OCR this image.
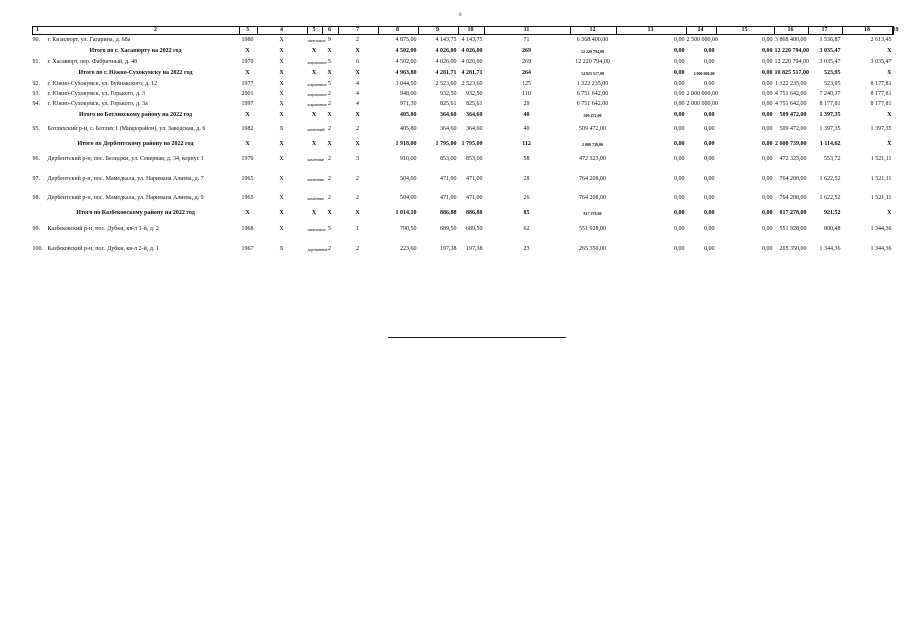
8
1 2	3	4	5	6	7	8	9	10	11	12	13	14	15	16	17	18	19
90. г. Кизилюрт, ул. Гагарина, д. 68а	1980	X	панельные	9	2	4 875,00	4 143,75	4 143,75	71	6 368 400,00	0,00	2 500 000,00	0,00	3 868 400,00	1 536,87	2 613,45	
Итого по г. Хасавюрту на 2022 год	X	X	X	X	X	4 502,00	4 026,00	4 026,00	269	12 220 794,00	0,00	0,00	0,00	12 220 794,00	3 035,47	X	
91. г. Хасавюрт, пер. Фабричный, д. 48	1970	X	кирпичные	5	6	4 502,00	4 026,00	4 026,00	269	12 220 794,00	0,00	0,00	0,00	12 220 794,00	3 035,47	3 035,47	
Итого по г. Южно-Сухокумску на 2022 год	X	X	X	X	X	4 963,80	4 281,71	4 281,71	264	14 825 517,00	0,00	4 000 000,00	0,00	10 825 517,00	523,95	X	
92. г. Южно-Сухокумск, ул. Буйнакского, д. 12	1977	X	кирпичные	5	4	3 044,50	2 523,60	2 523,60	125	1 322 235,00	0,00	0,00	0,00	1 322 235,00	523,95	8 177,81	
93. г. Южно-Сухокумск, ул. Горького, д. 3	2001	X	кирпичные	2	4	948,00	932,50	932,50	110	6 751 642,00	0,00	2 000 000,00	0,00	4 751 642,00	7 240,37	8 177,81	
94. г. Южно-Сухокумск, ул. Горького, д. 3а	1997	X	кирпичные	2	4	971,30	825,61	825,61	29	6 751 642,00	0,00	2 000 000,00	0,00	4 751 642,00	8 177,81	8 177,81	
Итого по Ботлихскому району на 2022 год	X	X	X	X	X	405,80	364,60	364,60	40	509 472,00	0,00	0,00	0,00	509 472,00	1 397,35	X	
95. Ботлихский р-н, с. Ботлих 1 (Микрорайон), ул. Заводская, д. 6	1982	X	каменный	2	2	405,80	364,60	364,60	40	509 472,00	0,00	0,00	0,00	509 472,00	1 397,35	1 397,35	
Итого по Дербентскому району на 2022 год	X	X	X	X	X	1 918,00	1 795,00	1 795,00	112	2 000 739,00	0,00	0,00	0,00	2 000 739,00	1 114,62	X	
96. Дербентский р-н, пос. Белиджи, ул. Северная, д. 34, корпус 1	1979	X	каменные	2	3	910,00	853,00	853,00	58	472 323,00	0,00	0,00	0,00	472 323,00	553,72	1 521,11	
97. Дербентский р-н, пос. Мамедкала, ул. Наримана Алиева, д. 7	1965	X	каменные	2	2	504,00	471,00	471,00	28	764 208,00	0,00	0,00	0,00	764 208,00	1 622,52	1 521,11	
98. Дербентский р-н, пос. Мамедкала, ул. Наримана Алиева, д. 9	1965	X	каменные	2	2	504,00	471,00	471,00	26	764 208,00	0,00	0,00	0,00	764 208,00	1 622,52	1 521,11	
Итого по Казбековскому району на 2022 год	X	X	X	X	X	1 014,10	886,88	886,88	85	817 278,00	0,00	0,00	0,00	817 278,00	921,52	X	
99. Казбековский р-н, пос. Дубки, кв-л 1-й, д. 2	1968	X	панельные	5	1	790,50	689,50	689,50	62	551 928,00	0,00	0,00	0,00	551 928,00	800,48	1 344,36	
100. Казбековский р-н, пос. Дубки, кв-л 2-й, д. 1	1967	X	деревянные	2	2	223,60	197,38	197,38	23	265 350,00	0,00	0,00	0,00	265 350,00	1 344,36	1 344,36	
